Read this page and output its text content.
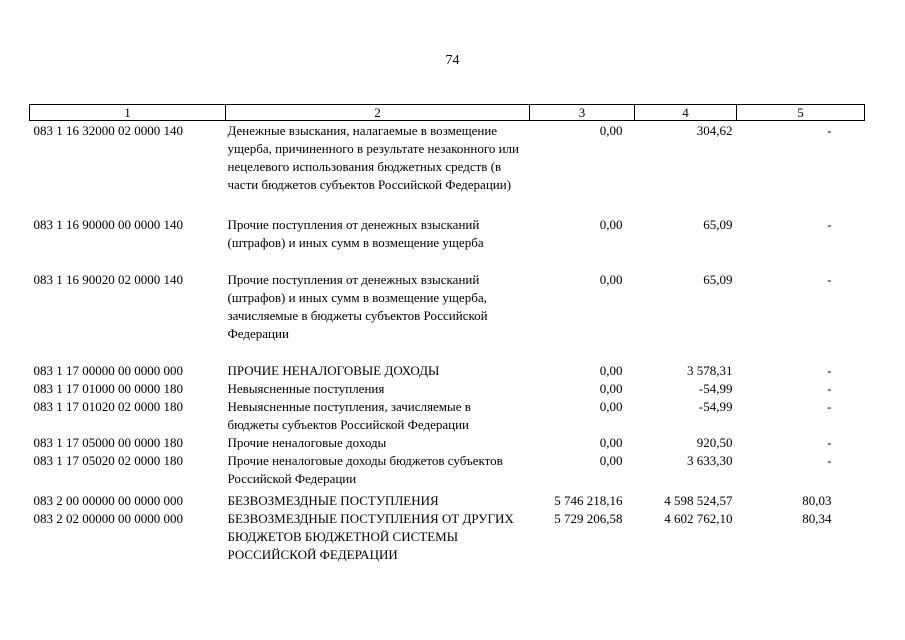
74
1	2	3	4	5
083 1 16 32000 02 0000 140	Денежные взыскания, налагаемые в возмещение ущерба, причиненного в результате незаконного или нецелевого использования бюджетных средств (в части бюджетов субъектов Российской Федерации)	0,00	304,62	-
083 1 16 90000 00 0000 140	Прочие поступления от денежных взысканий (штрафов) и иных сумм в возмещение ущерба	0,00	65,09	-
083 1 16 90020 02 0000 140	Прочие поступления от денежных взысканий (штрафов) и иных сумм в возмещение ущерба, зачисляемые в бюджеты субъектов Российской Федерации	0,00	65,09	-
083 1 17 00000 00 0000 000	ПРОЧИЕ НЕНАЛОГОВЫЕ ДОХОДЫ	0,00	3 578,31	-
083 1 17 01000 00 0000 180	Невыясненные поступления	0,00	-54,99	-
083 1 17 01020 02 0000 180	Невыясненные поступления, зачисляемые в бюджеты субъектов Российской Федерации	0,00	-54,99	-
083 1 17 05000 00 0000 180	Прочие неналоговые доходы	0,00	920,50	-
083 1 17 05020 02 0000 180	Прочие неналоговые доходы бюджетов субъектов Российской Федерации	0,00	3 633,30	-
083 2 00 00000 00 0000 000	БЕЗВОЗМЕЗДНЫЕ ПОСТУПЛЕНИЯ	5 746 218,16	4 598 524,57	80,03
083 2 02 00000 00 0000 000	БЕЗВОЗМЕЗДНЫЕ ПОСТУПЛЕНИЯ ОТ ДРУГИХ БЮДЖЕТОВ БЮДЖЕТНОЙ СИСТЕМЫ РОССИЙСКОЙ ФЕДЕРАЦИИ	5 729 206,58	4 602 762,10	80,34
